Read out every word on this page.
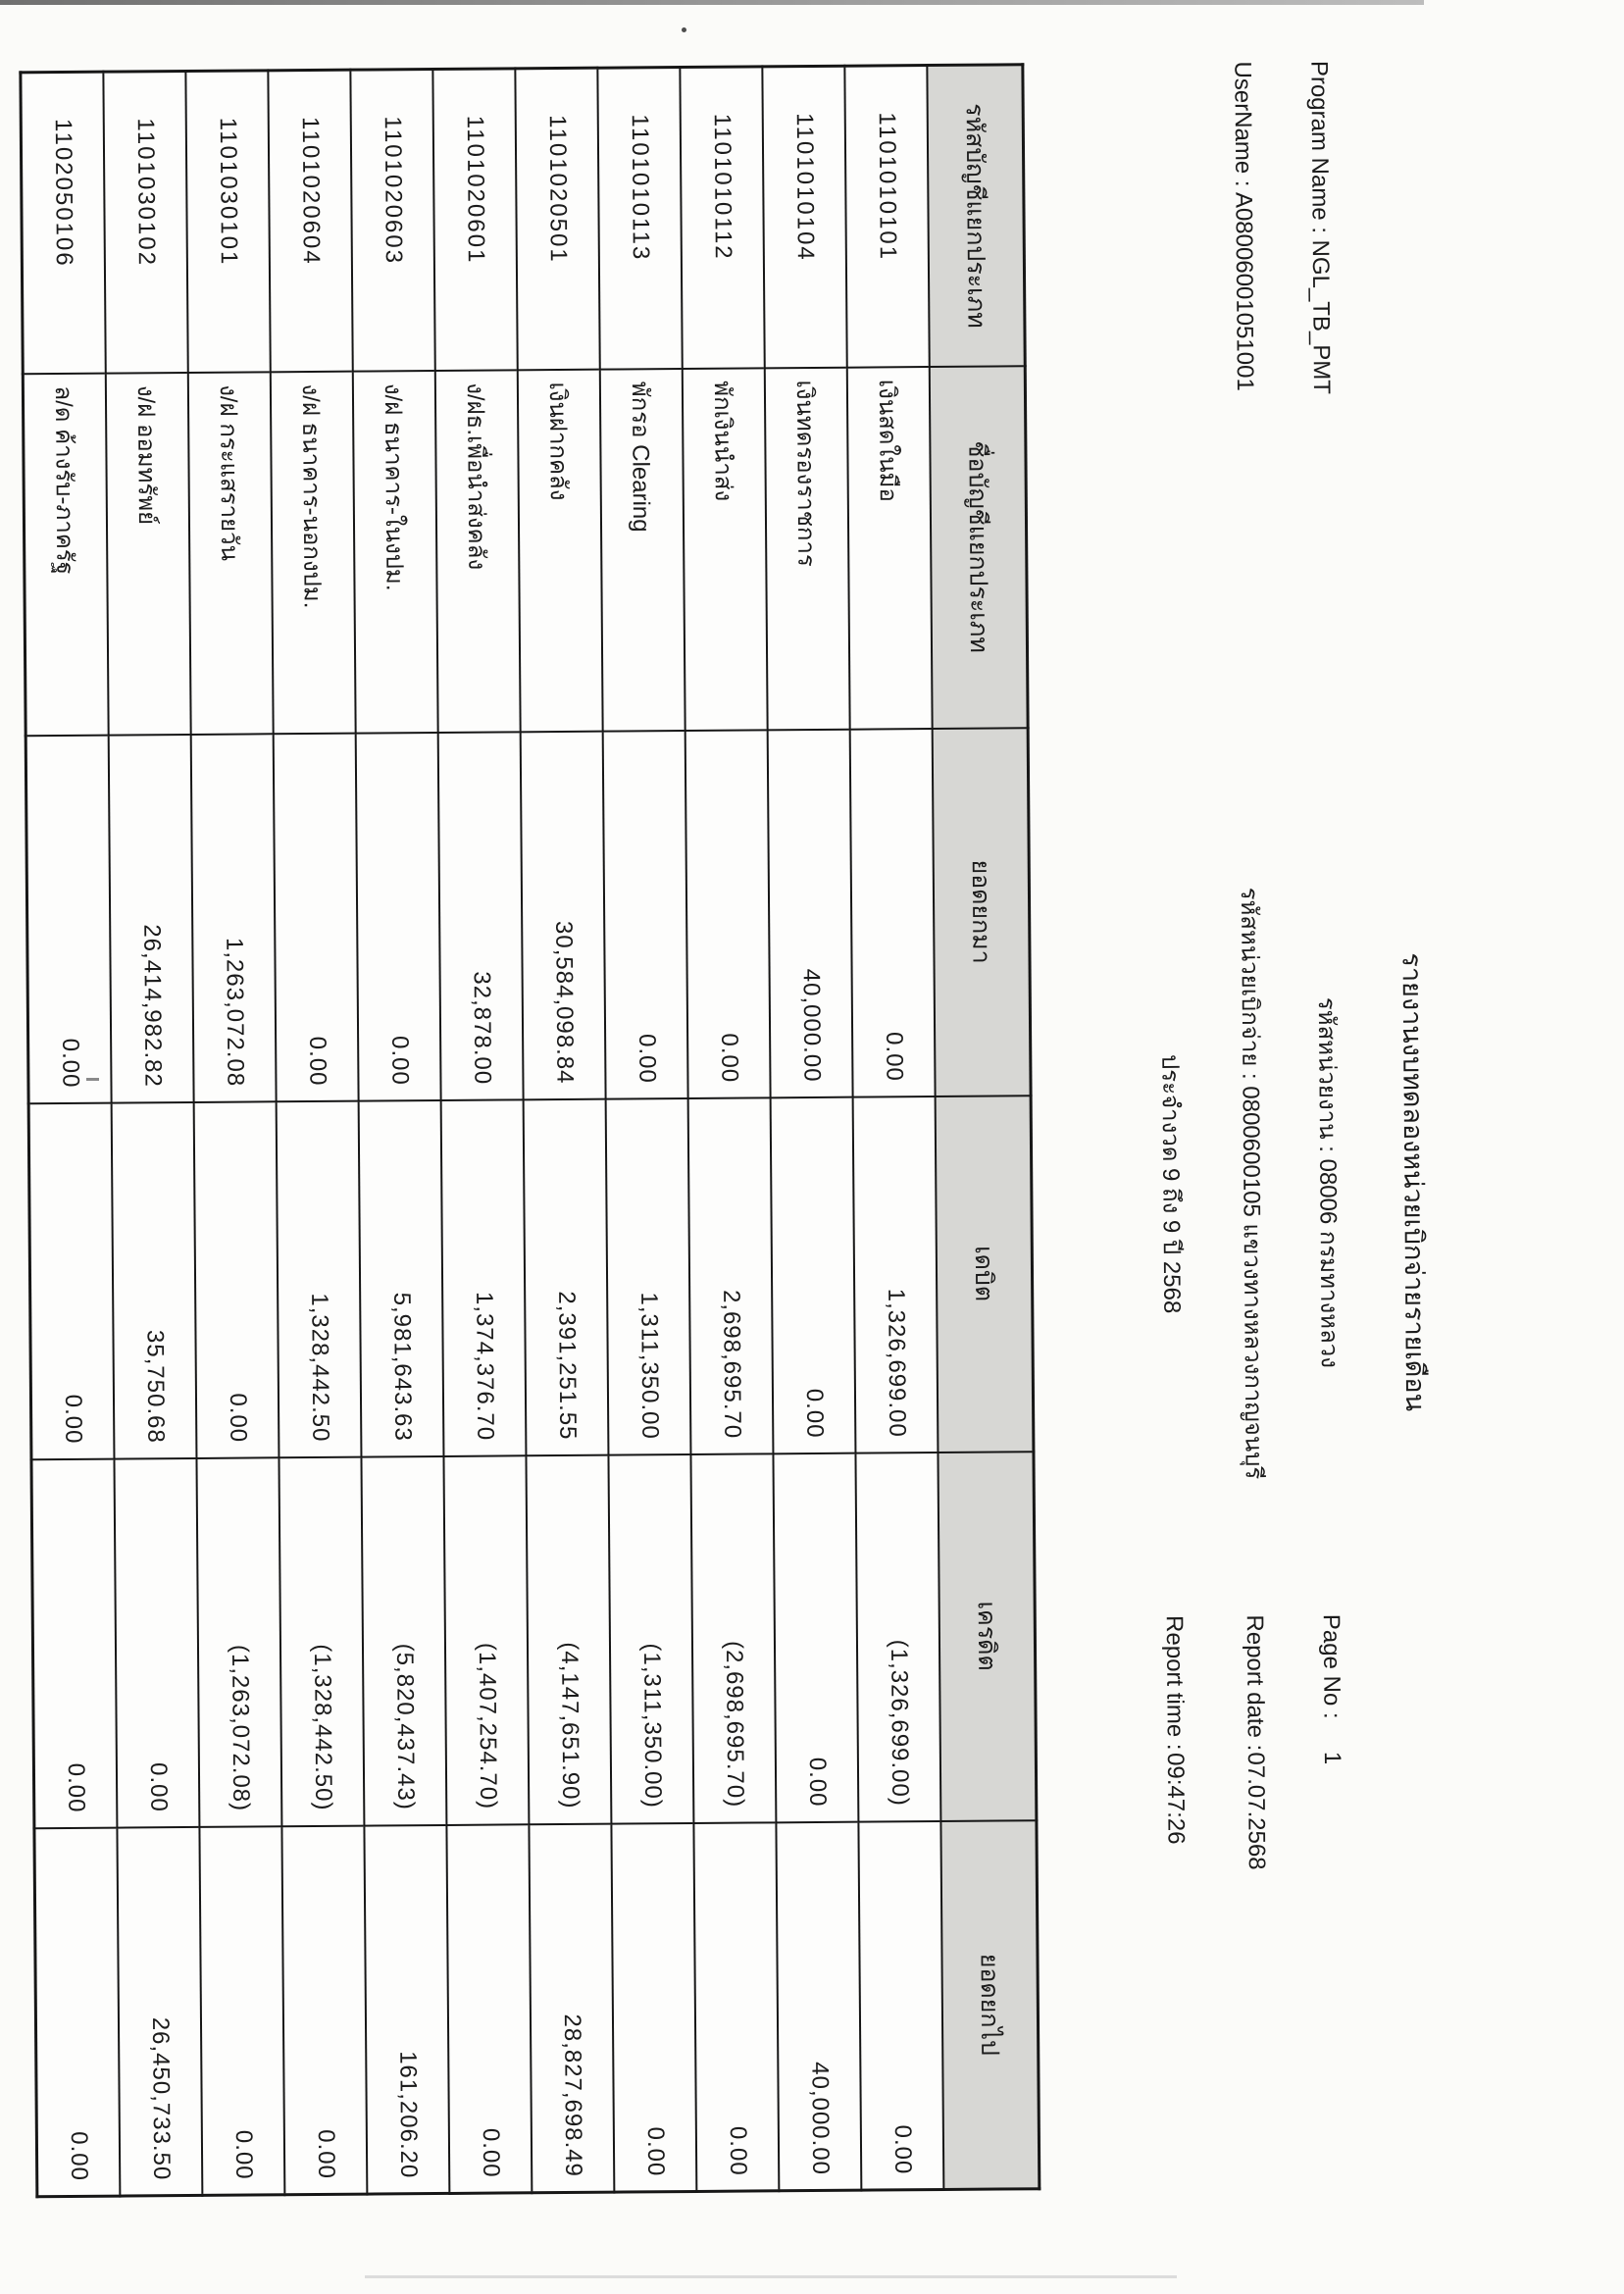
รายงานงบทดลองหน่วยเบิกจ่ายรายเดือน
รหัสหน่วยงาน : 08006 กรมทางหลวง
รหัสหน่วยเบิกจ่าย : 0800600105 แขวงทางหลวงกาญจนบุรี
ประจำงวด 9 ถึง 9 ปี 2568
Program Name : NGL_TB_PMT
UserName : A08006001051001
Page No :
1
Report date :
07.07.2568
Report time :
09:47:26
รหัสบัญชีแยกประเภท	ชื่อบัญชีแยกประเภท	ยอดยกมา	เดบิต	เครดิต	ยอดยกไป
1101010101	เงินสดในมือ	0.00	1,326,699.00	(1,326,699.00)	0.00
1101010104	เงินทดรองราชการ	40,000.00	0.00	0.00	40,000.00
1101010112	พักเงินนำส่ง	0.00	2,698,695.70	(2,698,695.70)	0.00
1101010113	พักรอ Clearing	0.00	1,311,350.00	(1,311,350.00)	0.00
1101020501	เงินฝากคลัง	30,584,098.84	2,391,251.55	(4,147,651.90)	28,827,698.49
1101020601	ง/ฝธ.เพื่อนำส่งคลัง	32,878.00	1,374,376.70	(1,407,254.70)	0.00
1101020603	ง/ฝ ธนาคาร-ในงปม.	0.00	5,981,643.63	(5,820,437.43)	161,206.20
1101020604	ง/ฝ ธนาคาร-นอกงปม.	0.00	1,328,442.50	(1,328,442.50)	0.00
1101030101	ง/ฝ กระแสรายวัน	1,263,072.08	0.00	(1,263,072.08)	0.00
1101030102	ง/ฝ ออมทรัพย์	26,414,982.82	35,750.68	0.00	26,450,733.50
1102050106	ล/ด ค้างรับ-ภาครัฐ	0.00	0.00	0.00	0.00
